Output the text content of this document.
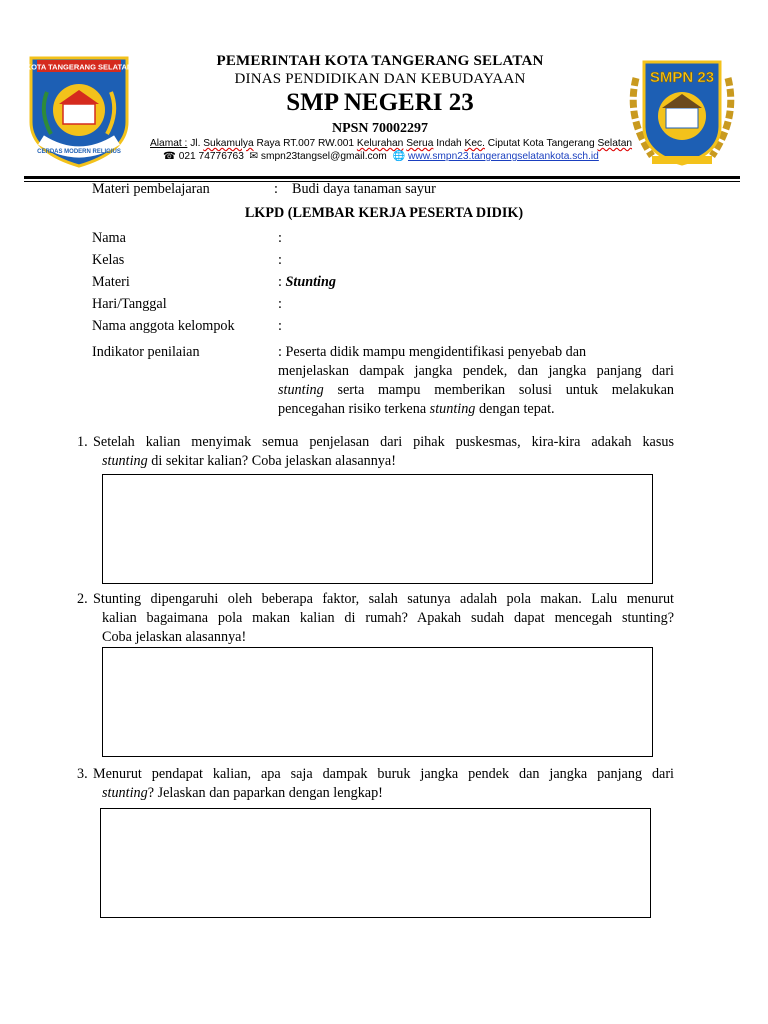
KOTA TANGERANG SELATAN
CERDAS MODERN RELIGIUS
SMPN 23
PEMERINTAH KOTA TANGERANG SELATAN
DINAS PENDIDIKAN DAN KEBUDAYAAN
SMP NEGERI 23
NPSN 70002297
Alamat : Jl. Sukamulya Raya RT.007 RW.001 Kelurahan Serua Indah Kec. Ciputat Kota Tangerang Selatan
☎ 021 74776763 ✉ smpn23tangsel@gmail.com 🌐 www.smpn23.tangerangselatankota.sch.id
Materi pembelajaran	: Budi daya tanaman sayur
LKPD (LEMBAR KERJA PESERTA DIDIK)
Nama	:
Kelas	:
Materi	: Stunting
Hari/Tanggal	:
Nama anggota kelompok	:
Indikator penilaian	: Peserta didik mampu mengidentifikasi penyebab dan
menjelaskan dampak jangka pendek, dan jangka panjang dari
stunting serta mampu memberikan solusi untuk melakukan
pencegahan risiko terkena stunting dengan tepat.
1. Setelah kalian menyimak semua penjelasan dari pihak puskesmas, kira-kira adakah kasus
stunting di sekitar kalian? Coba jelaskan alasannya!
2. Stunting dipengaruhi oleh beberapa faktor, salah satunya adalah pola makan. Lalu menurut
kalian bagaimana pola makan kalian di rumah? Apakah sudah dapat mencegah stunting?
Coba jelaskan alasannya!
3. Menurut pendapat kalian, apa saja dampak buruk jangka pendek dan jangka panjang dari
stunting? Jelaskan dan paparkan dengan lengkap!
